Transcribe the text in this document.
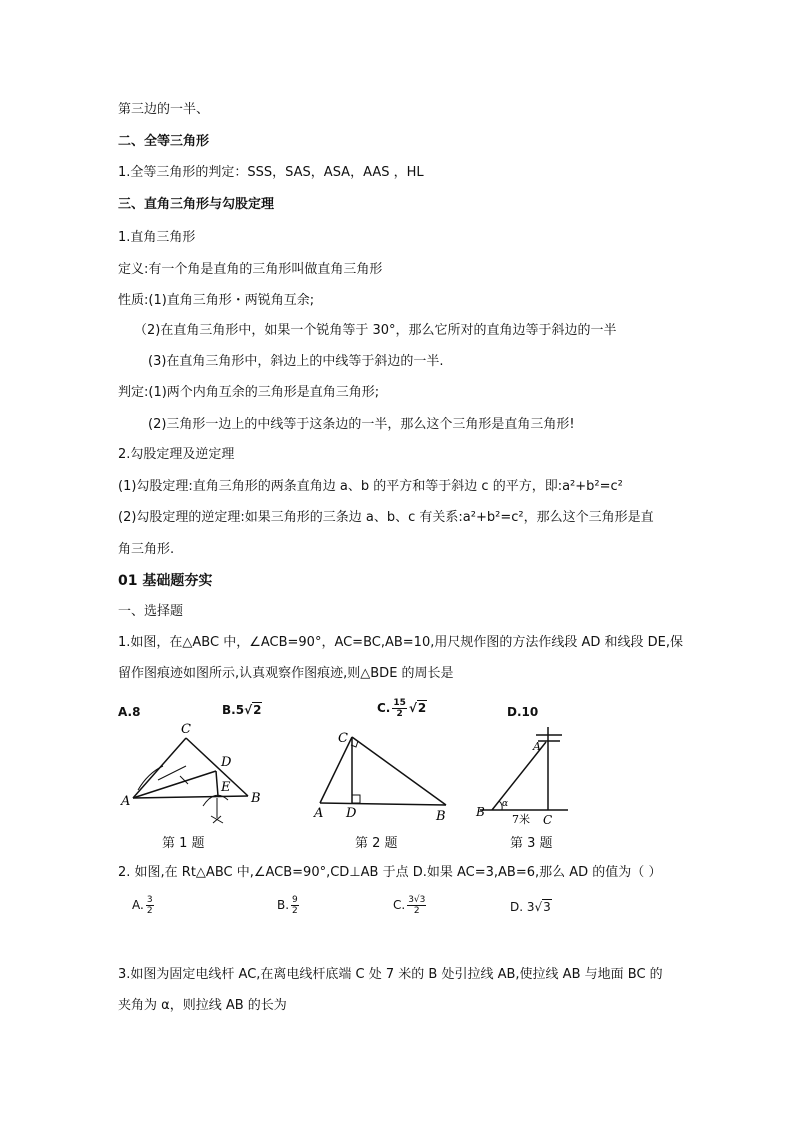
第三边的一半、
二、全等三角形
1.全等三角形的判定：SSS，SAS，ASA，AAS ，HL
三、直角三角形与勾股定理
1.直角三角形
定义:有一个角是直角的三角形叫做直角三角形
性质:(1)直角三角形・两锐角互余;
（2)在直角三角形中，如果一个锐角等于 30°，那么它所对的直角边等于斜边的一半
(3)在直角三角形中，斜边上的中线等于斜边的一半.
判定:(1)两个内角互余的三角形是直角三角形;
(2)三角形一边上的中线等于这条边的一半，那么这个三角形是直角三角形!
2.勾股定理及逆定理
(1)勾股定理:直角三角形的两条直角边 a、b 的平方和等于斜边 c 的平方，即:a²+b²=c²
(2)勾股定理的逆定理:如果三角形的三条边 a、b、c 有关系:a²+b²=c²，那么这个三角形是直
角三角形.
01 基础题夯实
一、选择题
1.如图，在△ABC 中，∠ACB=90°，AC=BC,AB=10,用尺规作图的方法作线段 AD 和线段 DE,保
留作图痕迹如图所示,认真观察作图痕迹,则△BDE 的周长是
A.8	B.5√2	C. $\frac{15}{2} √2$	D.10
A	B
C
D
E
第 1 题
A	B
C
D
第 2 题
A
B
C
α
7米
第 3 题
2. 如图,在 Rt△ABC 中,∠ACB=90°,CD⊥AB 于点 D.如果 AC=3,AB=6,那么 AD 的值为（ ）
A. $\frac{3}{2}$	B. $\frac{9}{2}$	C. $\frac{3√3}{2}$	D. 3√3
3.如图为固定电线杆 AC,在离电线杆底端 C 处 7 米的 B 处引拉线 AB,使拉线 AB 与地面 BC 的
夹角为 α，则拉线 AB 的长为
